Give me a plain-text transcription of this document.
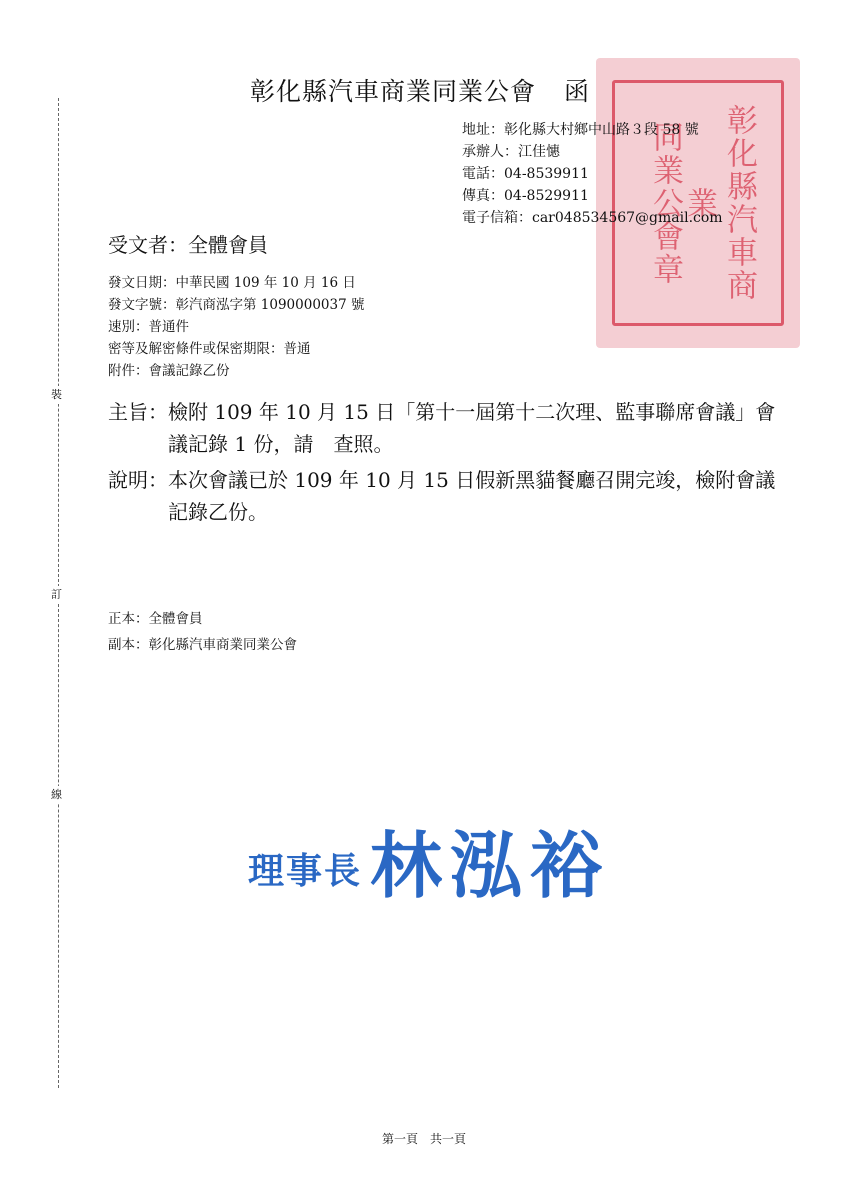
裝
訂
線
彰化縣汽車商業
同業公會章
彰化縣汽車商業同業公會 函
地址：彰化縣大村鄉中山路３段 58 號
承辦人：江佳憓
電話：04-8539911
傳真：04-8529911
電子信箱：car048534567@gmail.com
受文者：全體會員
發文日期：中華民國 109 年 10 月 16 日
發文字號：彰汽商泓字第 1090000037 號
速別：普通件
密等及解密條件或保密期限：普通
附件：會議記錄乙份
主旨： 檢附 109 年 10 月 15 日「第十一屆第十二次理、監事聯席會議」會議記錄 1 份，請　查照。
說明： 本次會議已於 109 年 10 月 15 日假新黑貓餐廳召開完竣，檢附會議記錄乙份。
正本：全體會員
副本：彰化縣汽車商業同業公會
理事長 林泓裕
第一頁　共一頁
